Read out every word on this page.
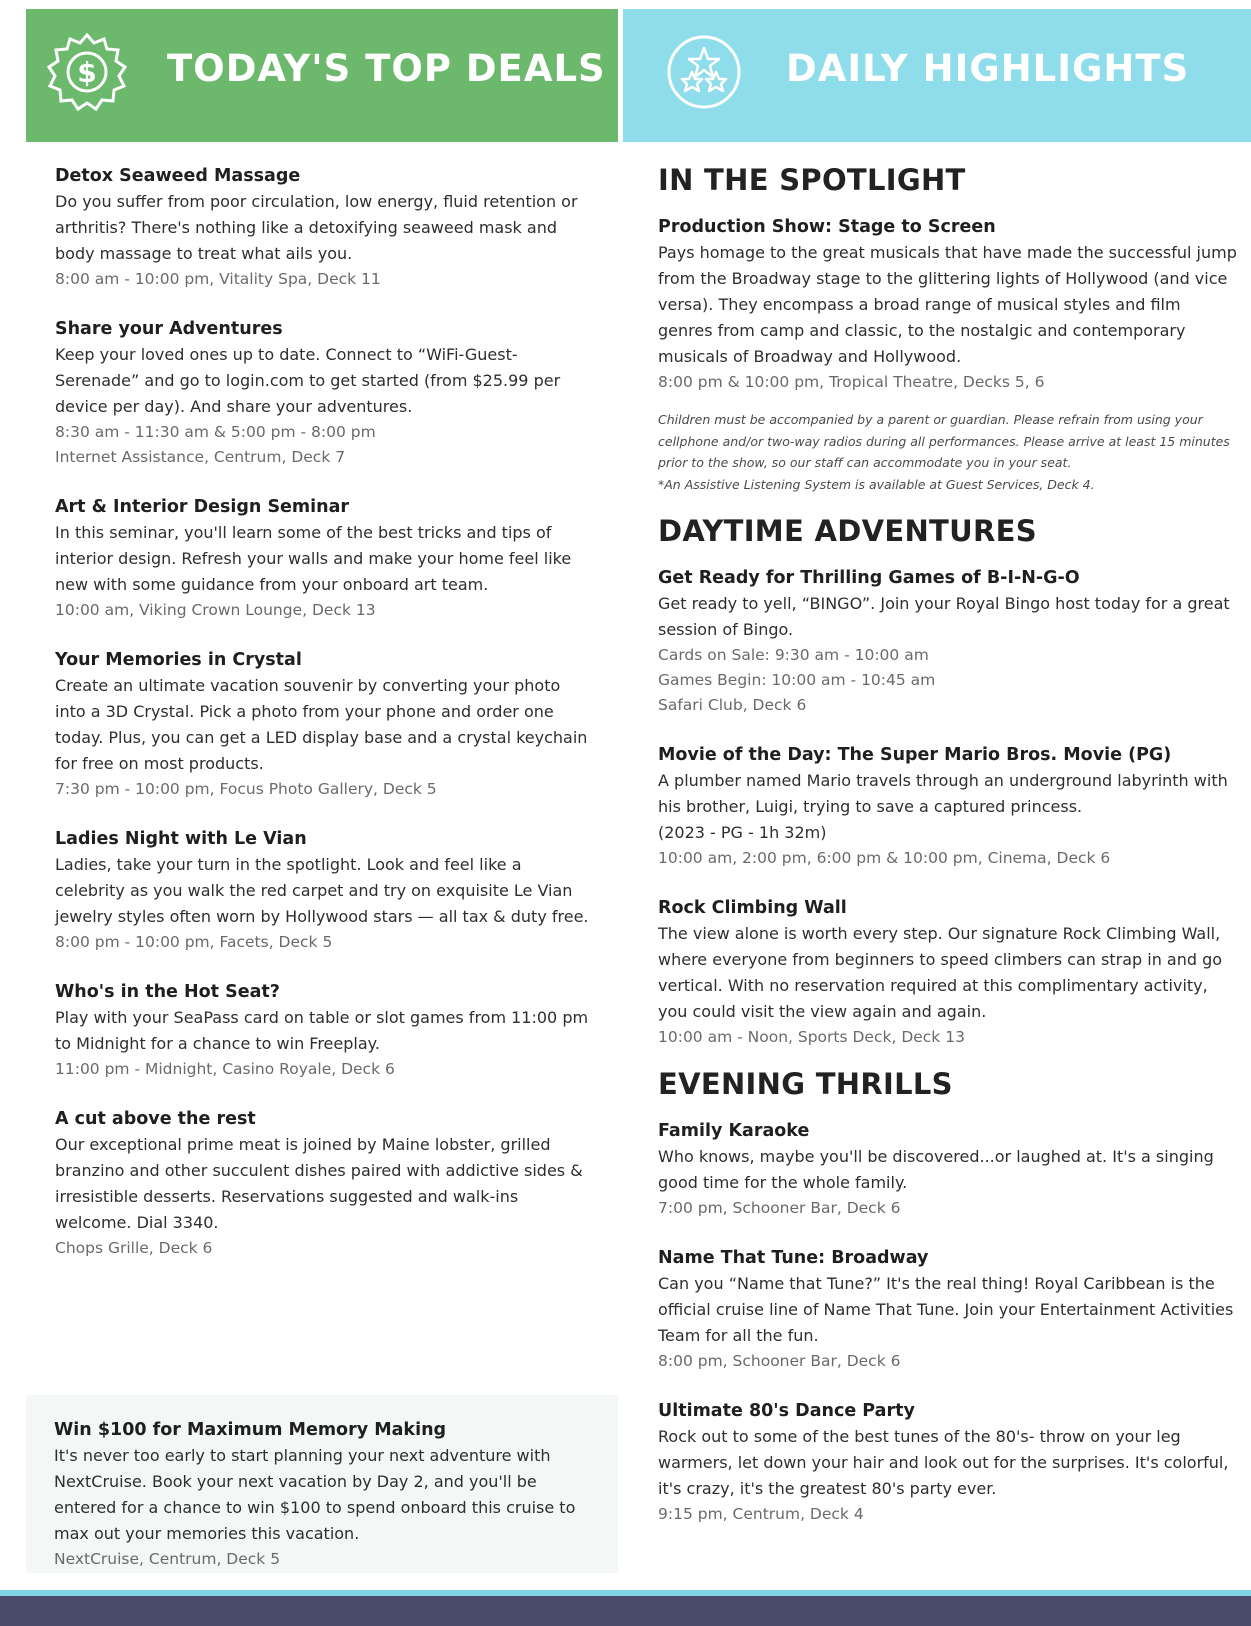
$ TODAY'S TOP DEALS	DAILY HIGHLIGHTS
Detox Seaweed Massage
Do you suffer from poor circulation, low energy, fluid retention or arthritis? There's nothing like a detoxifying seaweed mask and body massage to treat what ails you.
8:00 am - 10:00 pm, Vitality Spa, Deck 11
Share your Adventures
Keep your loved ones up to date. Connect to “WiFi-Guest-Serenade” and go to login.com to get started (from $25.99 per device per day). And share your adventures.
8:30 am - 11:30 am & 5:00 pm - 8:00 pm
Internet Assistance, Centrum, Deck 7
Art & Interior Design Seminar
In this seminar, you'll learn some of the best tricks and tips of interior design. Refresh your walls and make your home feel like new with some guidance from your onboard art team.
10:00 am, Viking Crown Lounge, Deck 13
Your Memories in Crystal
Create an ultimate vacation souvenir by converting your photo into a 3D Crystal. Pick a photo from your phone and order one today. Plus, you can get a LED display base and a crystal keychain for free on most products.
7:30 pm - 10:00 pm, Focus Photo Gallery, Deck 5
Ladies Night with Le Vian
Ladies, take your turn in the spotlight. Look and feel like a celebrity as you walk the red carpet and try on exquisite Le Vian jewelry styles often worn by Hollywood stars — all tax & duty free.
8:00 pm - 10:00 pm, Facets, Deck 5
Who's in the Hot Seat?
Play with your SeaPass card on table or slot games from 11:00 pm to Midnight for a chance to win Freeplay.
11:00 pm - Midnight, Casino Royale, Deck 6
A cut above the rest
Our exceptional prime meat is joined by Maine lobster, grilled branzino and other succulent dishes paired with addictive sides & irresistible desserts. Reservations suggested and walk-ins welcome. Dial 3340.
Chops Grille, Deck 6
Win $100 for Maximum Memory Making
It's never too early to start planning your next adventure with NextCruise. Book your next vacation by Day 2, and you'll be entered for a chance to win $100 to spend onboard this cruise to max out your memories this vacation.
NextCruise, Centrum, Deck 5
IN THE SPOTLIGHT
Production Show: Stage to Screen
Pays homage to the great musicals that have made the successful jump from the Broadway stage to the glittering lights of Hollywood (and vice versa). They encompass a broad range of musical styles and film genres from camp and classic, to the nostalgic and contemporary musicals of Broadway and Hollywood.
8:00 pm & 10:00 pm, Tropical Theatre, Decks 5, 6
Children must be accompanied by a parent or guardian. Please refrain from using your cellphone and/or two-way radios during all performances. Please arrive at least 15 minutes prior to the show, so our staff can accommodate you in your seat.
*An Assistive Listening System is available at Guest Services, Deck 4.
DAYTIME ADVENTURES
Get Ready for Thrilling Games of B-I-N-G-O
Get ready to yell, “BINGO”. Join your Royal Bingo host today for a great session of Bingo.
Cards on Sale: 9:30 am - 10:00 am
Games Begin: 10:00 am - 10:45 am
Safari Club, Deck 6
Movie of the Day: The Super Mario Bros. Movie (PG)
A plumber named Mario travels through an underground labyrinth with his brother, Luigi, trying to save a captured princess.
(2023 - PG - 1h 32m)
10:00 am, 2:00 pm, 6:00 pm & 10:00 pm, Cinema, Deck 6
Rock Climbing Wall
The view alone is worth every step. Our signature Rock Climbing Wall, where everyone from beginners to speed climbers can strap in and go vertical. With no reservation required at this complimentary activity, you could visit the view again and again.
10:00 am - Noon, Sports Deck, Deck 13
EVENING THRILLS
Family Karaoke
Who knows, maybe you'll be discovered...or laughed at. It's a singing good time for the whole family.
7:00 pm, Schooner Bar, Deck 6
Name That Tune: Broadway
Can you “Name that Tune?” It's the real thing! Royal Caribbean is the official cruise line of Name That Tune. Join your Entertainment Activities Team for all the fun.
8:00 pm, Schooner Bar, Deck 6
Ultimate 80's Dance Party
Rock out to some of the best tunes of the 80's- throw on your leg warmers, let down your hair and look out for the surprises. It's colorful, it's crazy, it's the greatest 80's party ever.
9:15 pm, Centrum, Deck 4
